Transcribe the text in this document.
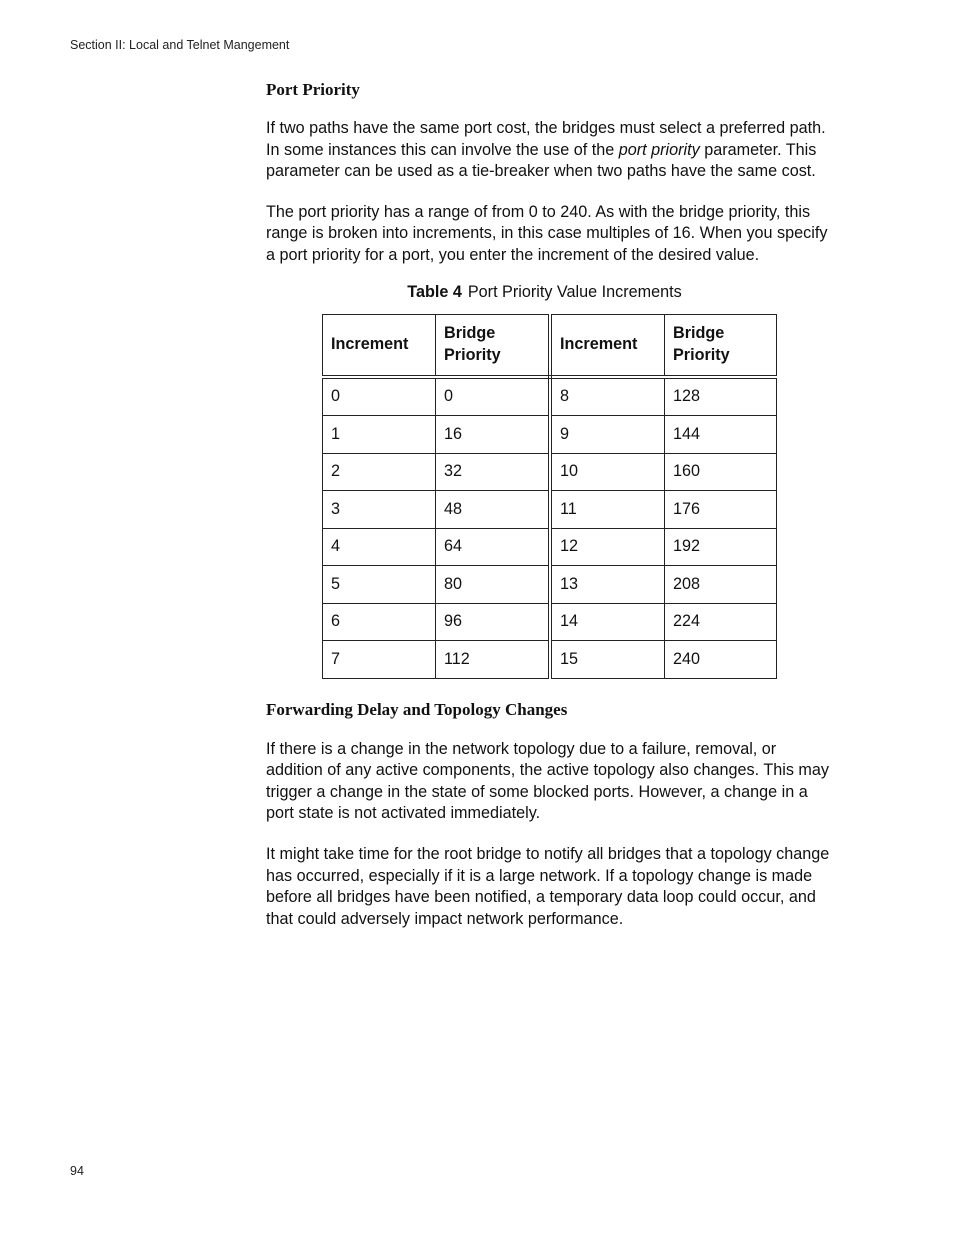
Section II: Local and Telnet Mangement
Port Priority

If two paths have the same port cost, the bridges must select a preferred path. In some instances this can involve the use of the port priority parameter. This parameter can be used as a tie-breaker when two paths have the same cost.

The port priority has a range of from 0 to 240. As with the bridge priority, this range is broken into increments, in this case multiples of 16. When you specify a port priority for a port, you enter the increment of the desired value.

Table 4 Port Priority Value Increments
Increment	Bridge Priority	Increment	Bridge Priority
0	0	8	128
1	16	9	144
2	32	10	160
3	48	11	176
4	64	12	192
5	80	13	208
6	96	14	224
7	112	15	240
Forwarding Delay and Topology Changes

If there is a change in the network topology due to a failure, removal, or addition of any active components, the active topology also changes. This may trigger a change in the state of some blocked ports. However, a change in a port state is not activated immediately.

It might take time for the root bridge to notify all bridges that a topology change has occurred, especially if it is a large network. If a topology change is made before all bridges have been notified, a temporary data loop could occur, and that could adversely impact network performance.

94
